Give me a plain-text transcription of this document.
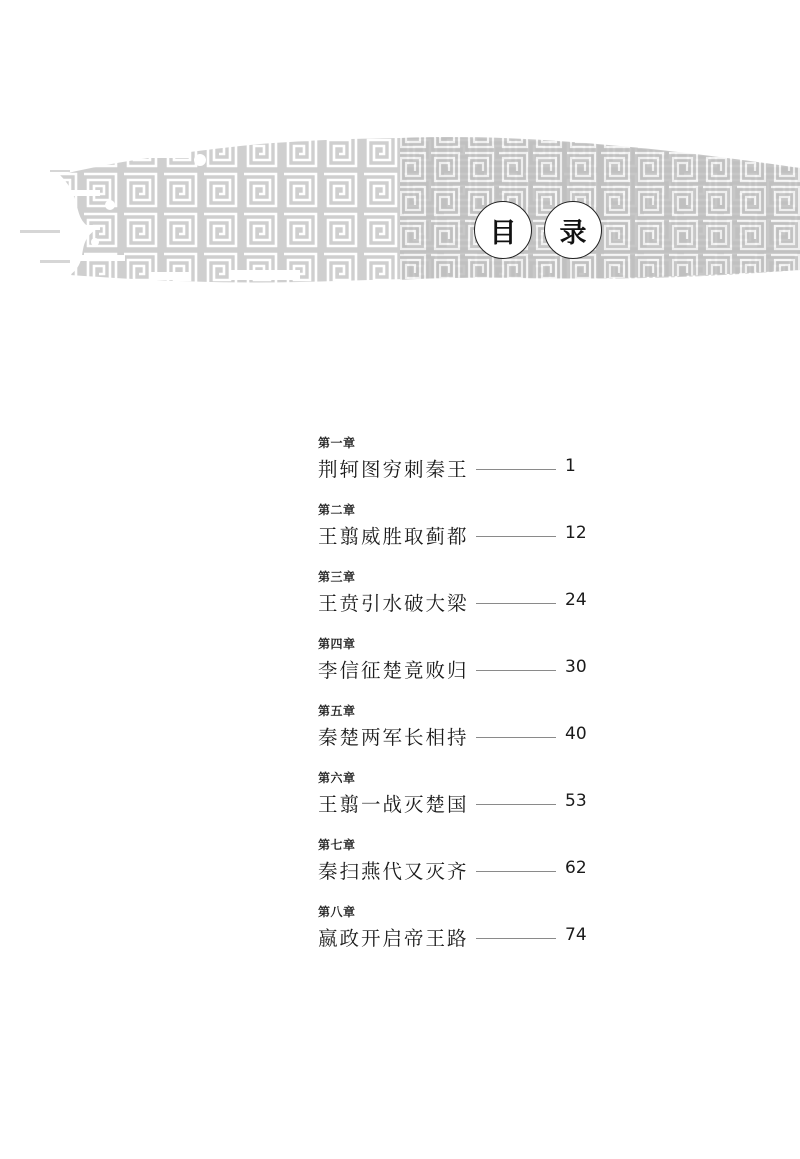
目	录
第一章
荆轲图穷刺秦王	1
第二章
王翦威胜取蓟都	12
第三章
王贲引水破大梁	24
第四章
李信征楚竟败归	30
第五章
秦楚两军长相持	40
第六章
王翦一战灭楚国	53
第七章
秦扫燕代又灭齐	62
第八章
嬴政开启帝王路	74
